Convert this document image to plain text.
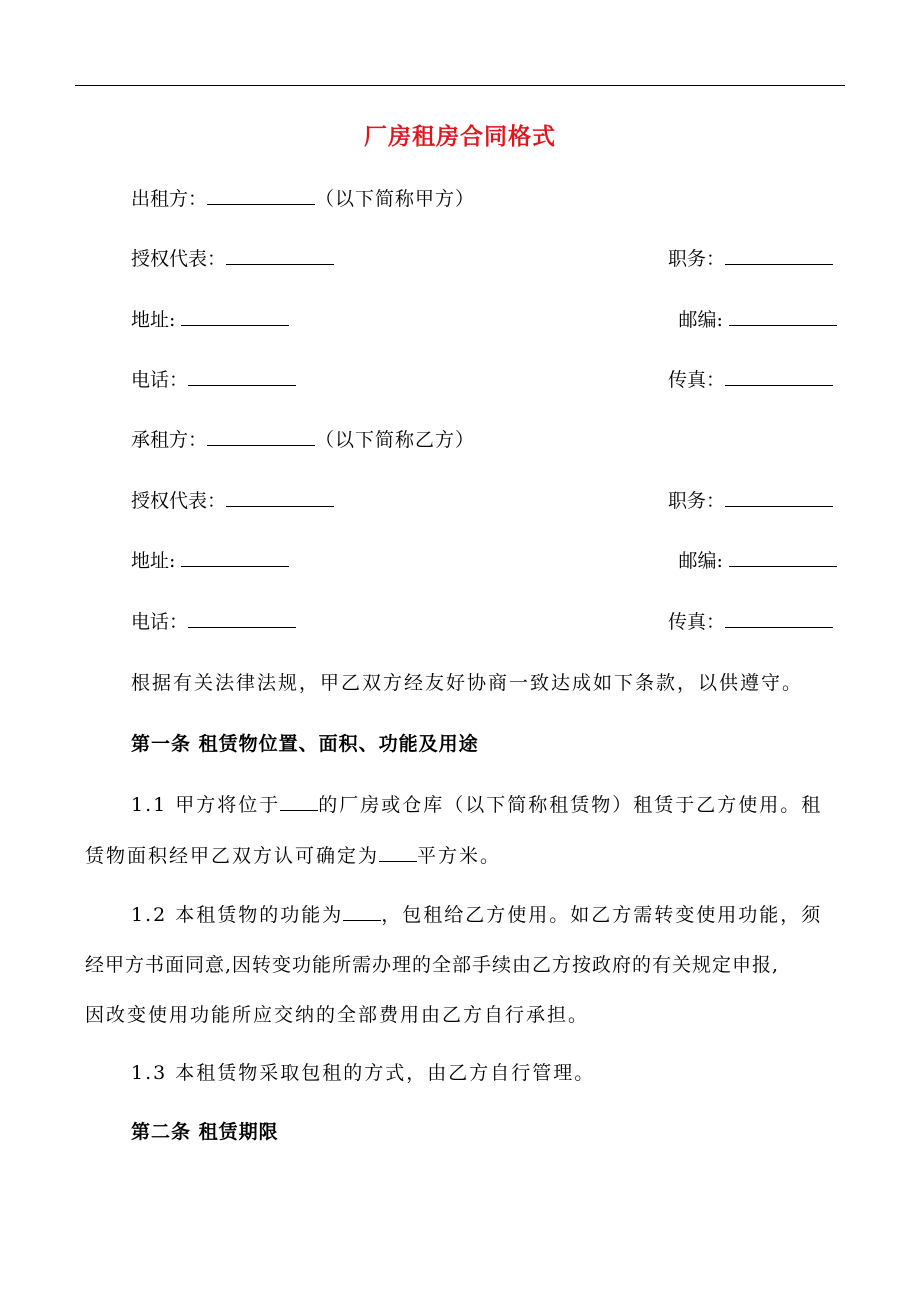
厂房租房合同格式
出租方：	（以下简称甲方）
授权代表：	职务：
地址:	邮编:
电话：	传真：
承租方：	（以下简称乙方）
授权代表：	职务：
地址:	邮编:
电话：	传真：
根据有关法律法规，甲乙双方经友好协商一致达成如下条款，以供遵守。
第一条 租赁物位置、面积、功能及用途
1.1 甲方将位于 的厂房或仓库（以下简称租赁物）租赁于乙方使用。租
赁物面积经甲乙双方认可确定为 平方米。
1.2 本租赁物的功能为 ，包租给乙方使用。如乙方需转变使用功能，须
经甲方书面同意,因转变功能所需办理的全部手续由乙方按政府的有关规定申报,
因改变使用功能所应交纳的全部费用由乙方自行承担。
1.3 本租赁物采取包租的方式，由乙方自行管理。
第二条 租赁期限
